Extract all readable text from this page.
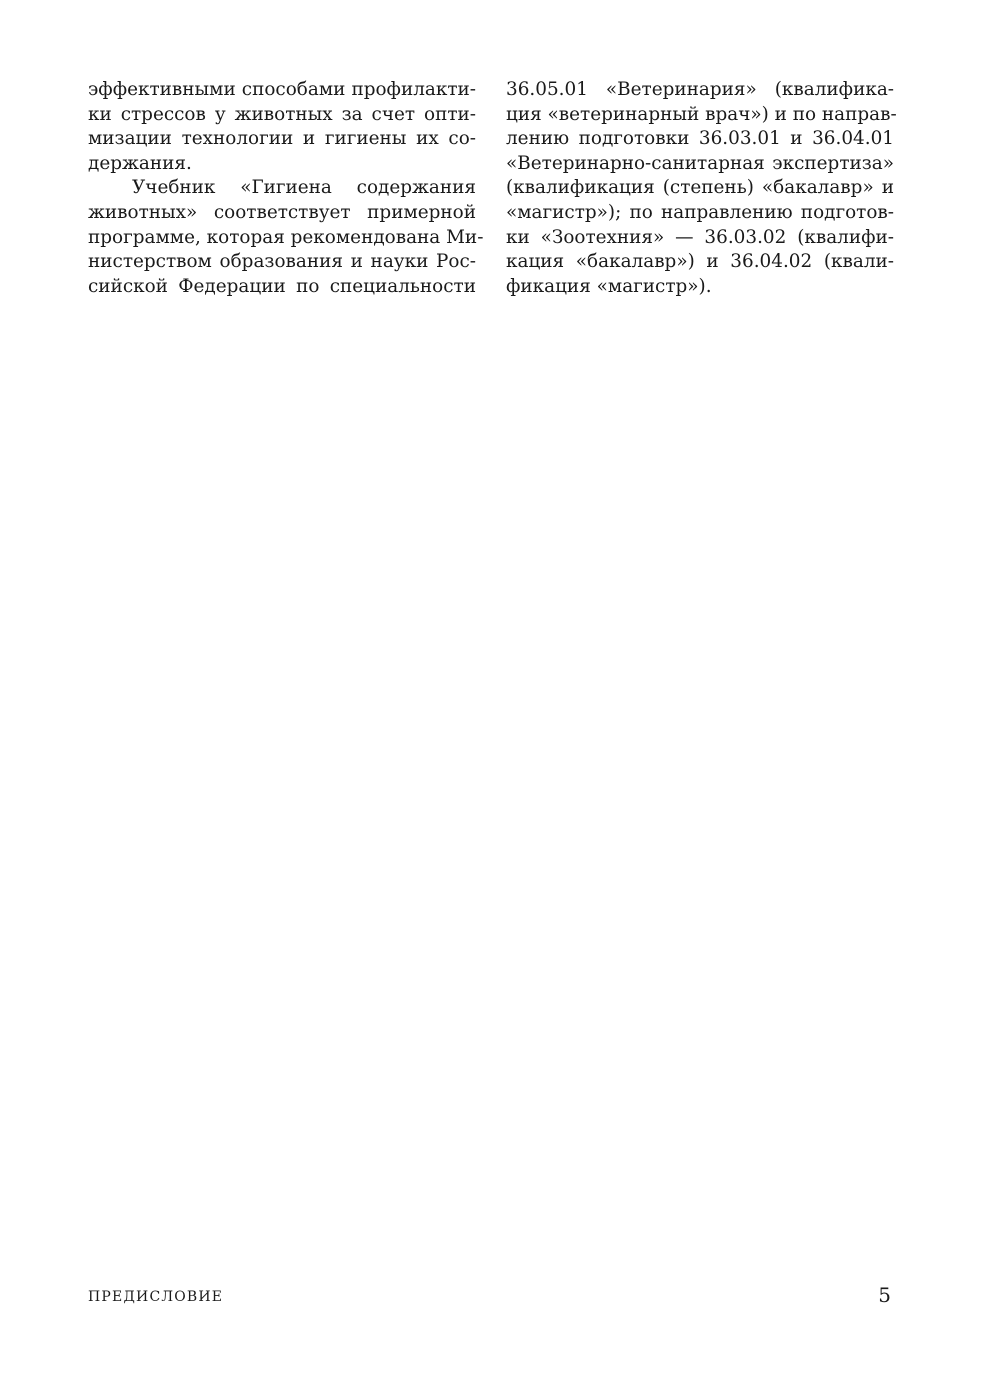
эффективными способами профилакти-
ки стрессов у животных за счет опти-
мизации технологии и гигиены их со-
держания.
Учебник «Гигиена содержания
животных» соответствует примерной
программе, которая рекомендована Ми-
нистерством образования и науки Рос-
сийской Федерации по специальности
36.05.01 «Ветеринария» (квалифика-
ция «ветеринарный врач») и по направ-
лению подготовки 36.03.01 и 36.04.01
«Ветеринарно-санитарная экспертиза»
(квалификация (степень) «бакалавр» и
«магистр»); по направлению подготов-
ки «Зоотехния» — 36.03.02 (квалифи-
кация «бакалавр») и 36.04.02 (квали-
фикация «магистр»).
ПРЕДИСЛОВИЕ	5
